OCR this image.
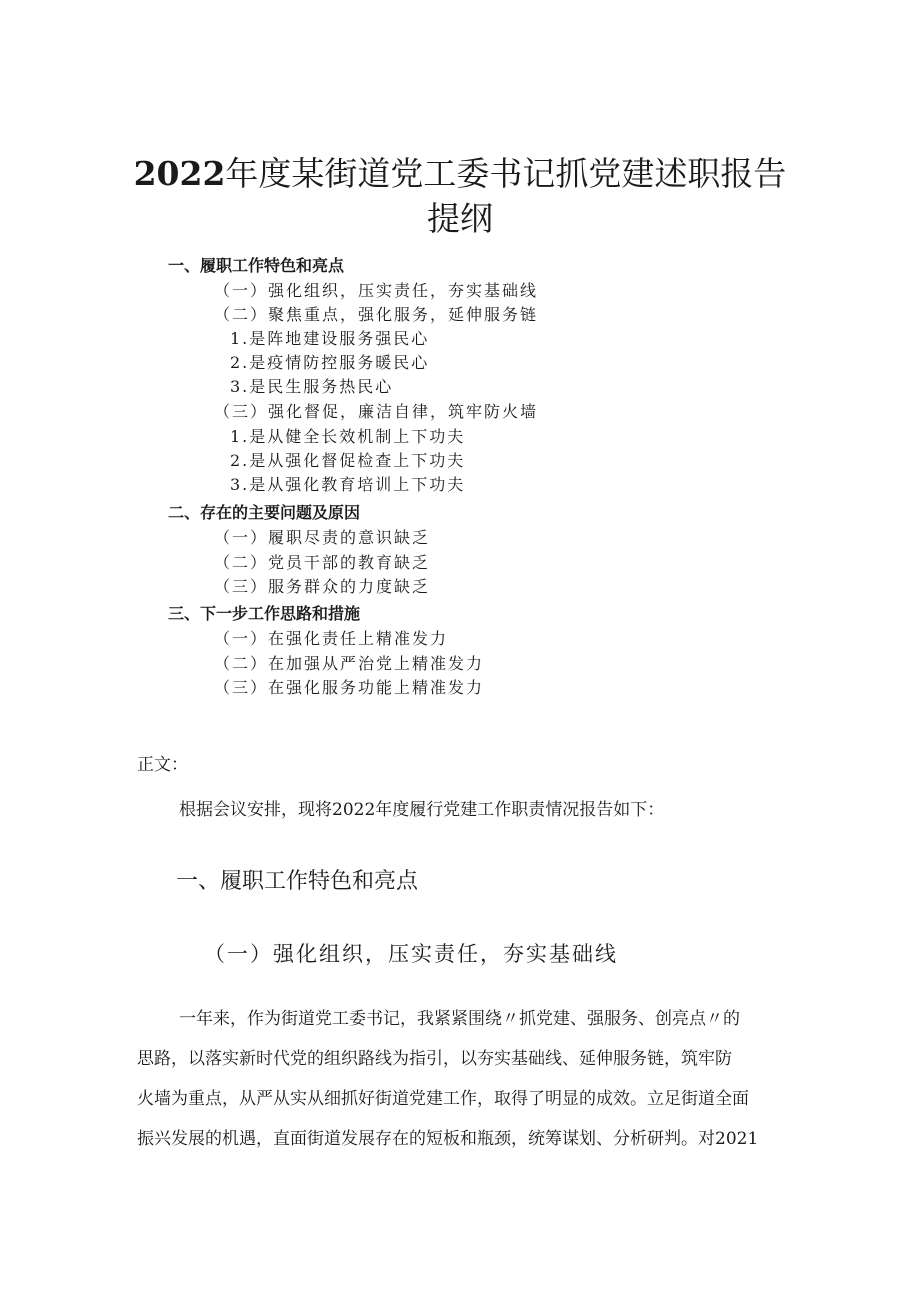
2022年度某街道党工委书记抓党建述职报告
提纲
一、履职工作特色和亮点
（一）强化组织，压实责任，夯实基础线
（二）聚焦重点，强化服务，延伸服务链
1.是阵地建设服务强民心
2.是疫情防控服务暖民心
3.是民生服务热民心
（三）强化督促，廉洁自律，筑牢防火墙
1.是从健全长效机制上下功夫
2.是从强化督促检查上下功夫
3.是从强化教育培训上下功夫
二、存在的主要问题及原因
（一）履职尽责的意识缺乏
（二）党员干部的教育缺乏
（三）服务群众的力度缺乏
三、下一步工作思路和措施
（一）在强化责任上精准发力
（二）在加强从严治党上精准发力
（三）在强化服务功能上精准发力
正文：
根据会议安排，现将2022年度履行党建工作职责情况报告如下：
一、履职工作特色和亮点
（一）强化组织，压实责任，夯实基础线

一年来，作为街道党工委书记，我紧紧围绕〃抓党建、强服务、创亮点〃的

思路，以落实新时代党的组织路线为指引，以夯实基础线、延伸服务链，筑牢防

火墙为重点，从严从实从细抓好街道党建工作，取得了明显的成效。立足街道全面

振兴发展的机遇，直面街道发展存在的短板和瓶颈，统筹谋划、分析研判。对2021
